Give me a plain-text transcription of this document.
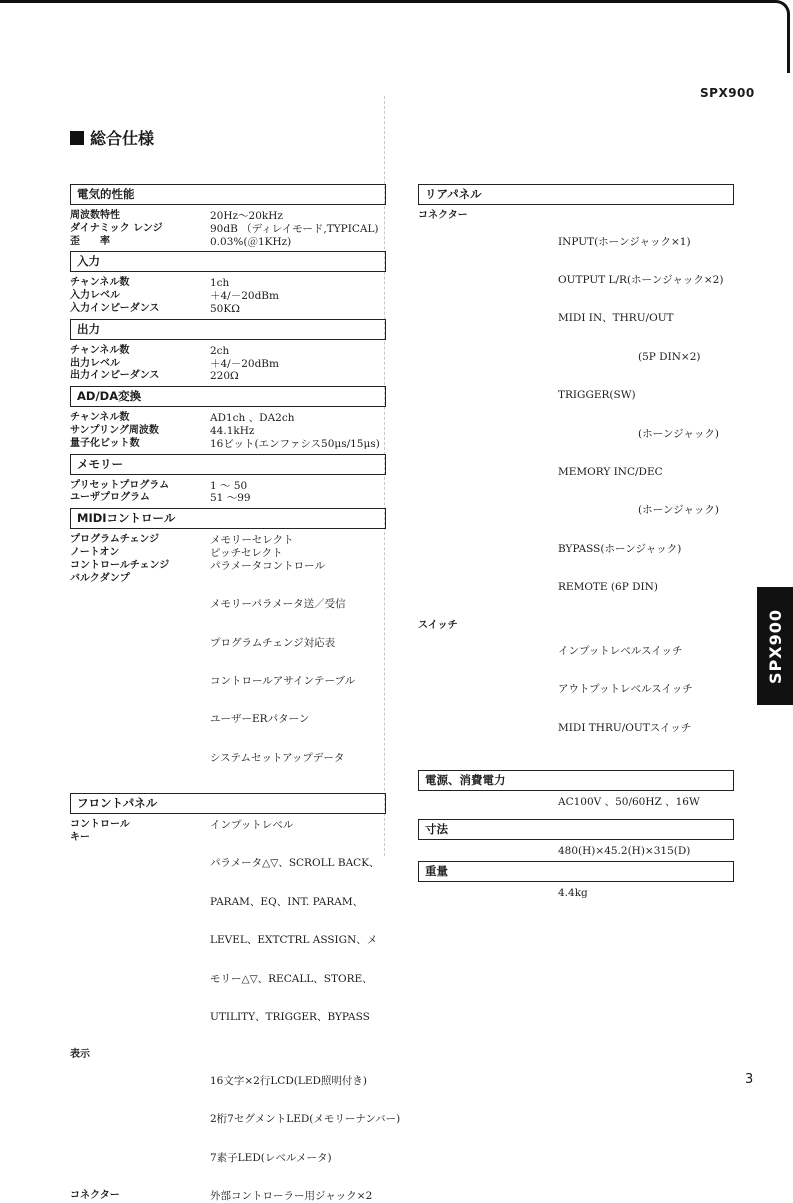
SPX900
総合仕様
電気的性能
周波数特性	20Hz～20kHz
ダイナミック レンジ	90dB （ディレイモード,TYPICAL)
歪　　率	0.03%(＠1KHz)
入力
チャンネル数	1ch
入力レベル	＋4/－20dBm
入力インピーダンス	50KΩ
出力
チャンネル数	2ch
出力レベル	＋4/－20dBm
出力インピーダンス	220Ω
AD/DA変換
チャンネル数	AD1ch 、DA2ch
サンプリング周波数	44.1kHz
量子化ビット数	16ビット(エンファシス50μs/15μs)
メモリー
プリセットプログラム	1 ～ 50
ユーザプログラム	51 ～99
MIDIコントロール
プログラムチェンジ	メモリーセレクト
ノートオン	ピッチセレクト
コントロールチェンジ	パラメータコントロール
バルクダンプ

メモリーパラメータ送／受信

プログラムチェンジ対応表

コントロールアサインテーブル

ユーザーERパターン

システムセットアップデータ

フロントパネル
コントロール	インプットレベル
キー

パラメータ△▽、SCROLL BACK、

PARAM、EQ、INT. PARAM、

LEVEL、EXTCTRL ASSIGN、メ

モリー△▽、RECALL、STORE、

UTILITY、TRIGGER、BYPASS

表示

16文字×2行LCD(LED照明付き)

2桁7セグメントLED(メモリーナンバー)

7素子LED(レベルメータ)

コネクター	外部コントローラー用ジャック×2
リアパネル
コネクター

INPUT(ホーンジャック×1)

OUTPUT L/R(ホーンジャック×2)

MIDI IN、THRU/OUT

(5P DIN×2)

TRIGGER(SW)

(ホーンジャック)

MEMORY INC/DEC

(ホーンジャック)

BYPASS(ホーンジャック)

REMOTE (6P DIN)

スイッチ

インプットレベルスイッチ

アウトプットレベルスイッチ

MIDI THRU/OUTスイッチ

電源、消費電力
AC100V 、50/60HZ 、16W
寸法
480(H)×45.2(H)×315(D)
重量
4.4kg
SPX900
3
